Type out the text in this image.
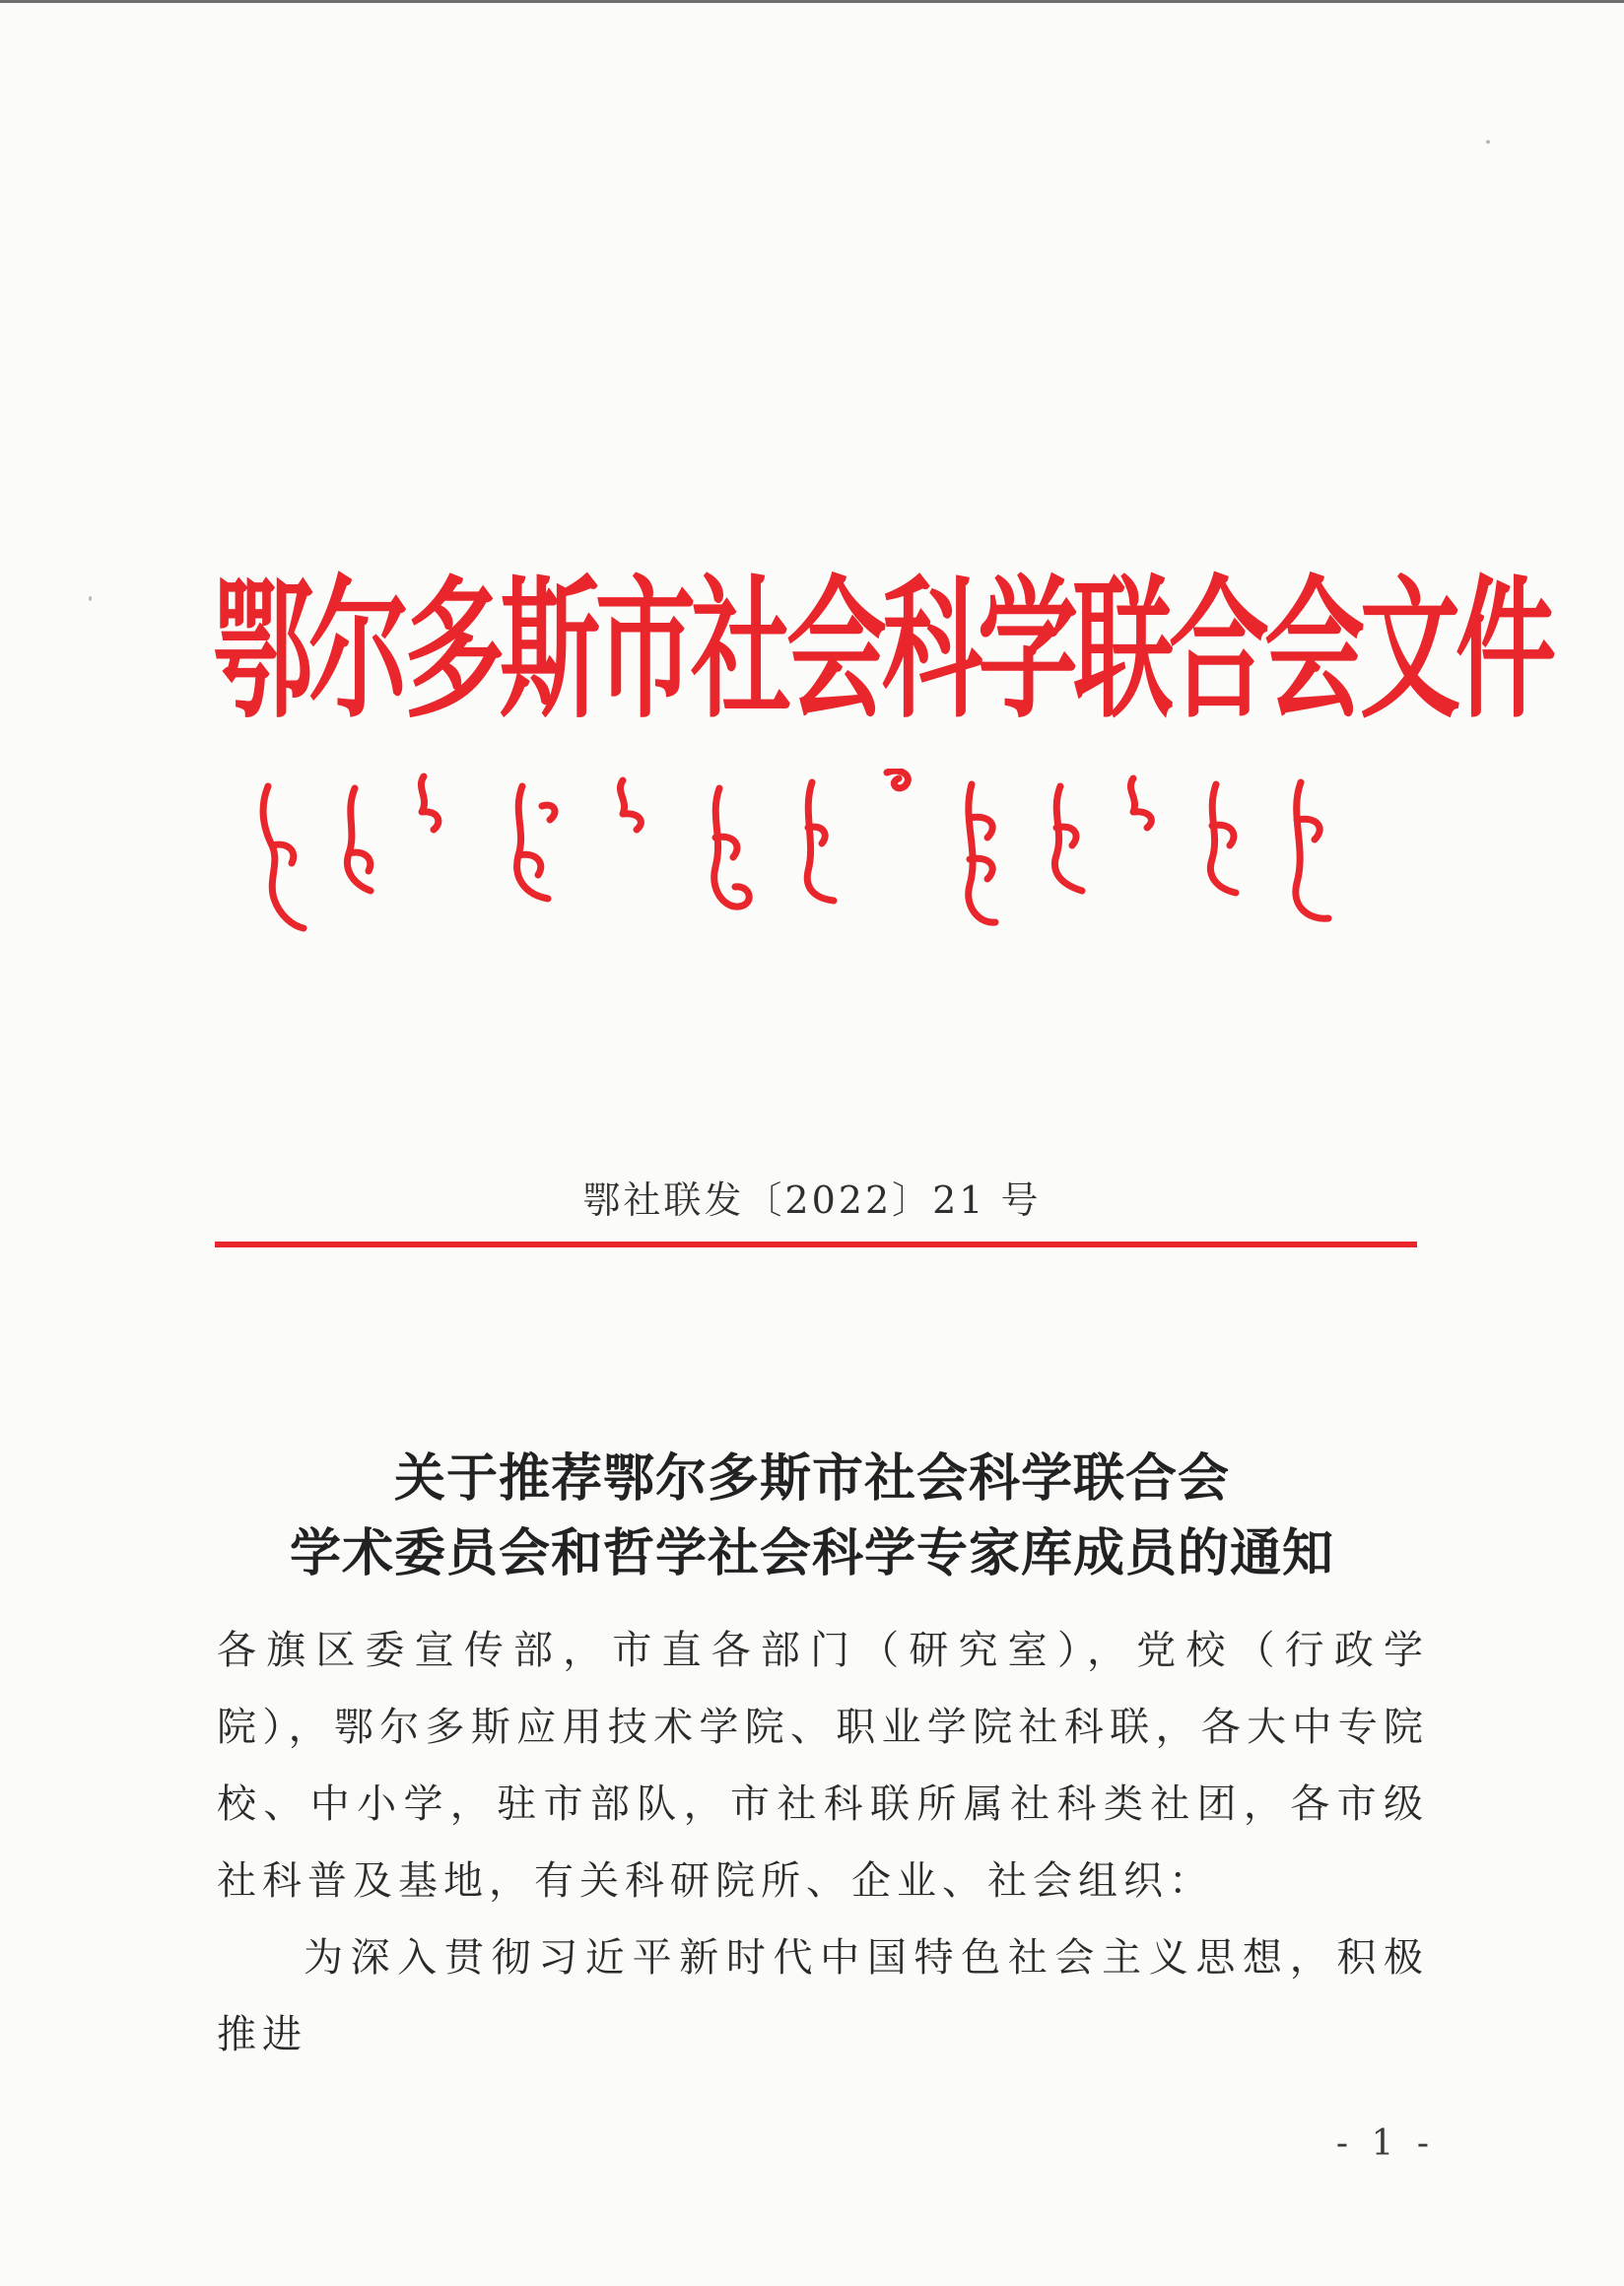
鄂尔多斯市社会科学联合会文件
鄂社联发〔2022〕21 号
关于推荐鄂尔多斯市社会科学联合会
学术委员会和哲学社会科学专家库成员的通知

各旗区委宣传部，市直各部门（研究室），党校（行政学院），鄂尔多斯应用技术学院、职业学院社科联，各大中专院校、中小学，驻市部队，市社科联所属社科类社团，各市级社科普及基地，有关科研院所、企业、社会组织：

为深入贯彻习近平新时代中国特色社会主义思想，积极推进

- 1 -
